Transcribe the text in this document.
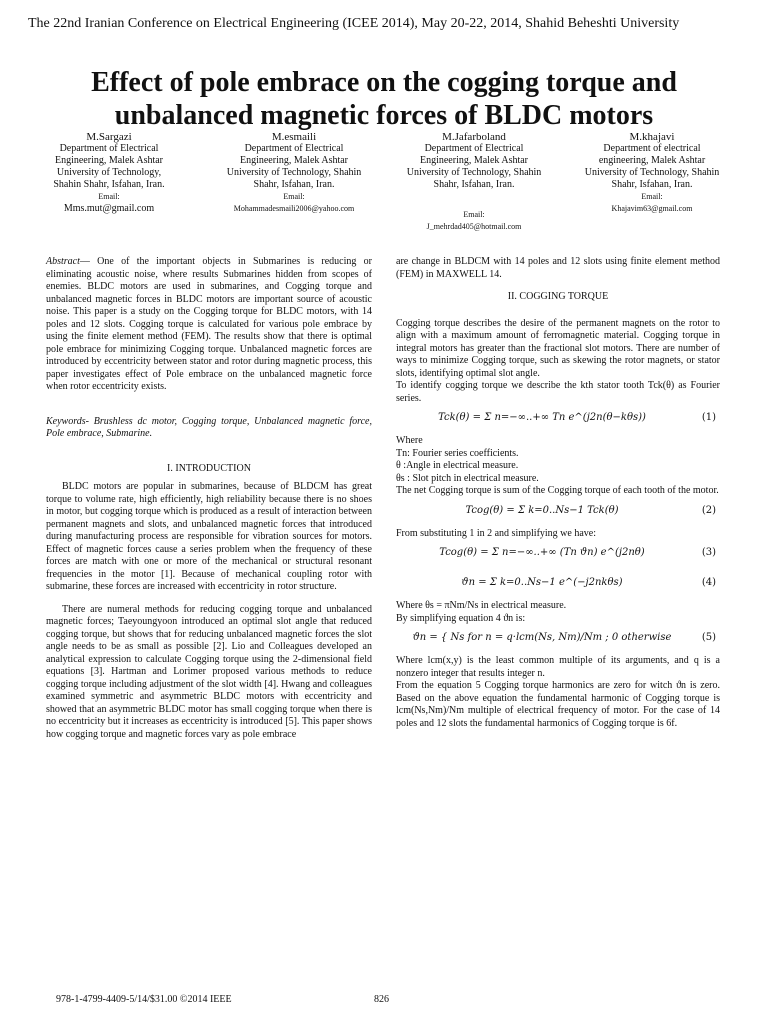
The 22nd Iranian Conference on Electrical Engineering (ICEE 2014), May 20-22, 2014, Shahid Beheshti University
Effect of pole embrace on the cogging torque and
unbalanced magnetic forces of BLDC motors
M.Sargazi
Department of Electrical Engineering, Malek Ashtar University of Technology, Shahin Shahr, Isfahan, Iran.
Email:
Mms.mut@gmail.com
M.esmaili
Department of Electrical Engineering, Malek Ashtar University of Technology, Shahin Shahr, Isfahan, Iran.
Email:
Mohammadesmaili2006@yahoo.com
M.Jafarboland
Department of Electrical Engineering, Malek Ashtar University of Technology, Shahin Shahr, Isfahan, Iran.
Email:
J_mehrdad405@hotmail.com
M.khajavi
Department of electrical engineering, Malek Ashtar University of Technology, Shahin Shahr, Isfahan, Iran.
Email:
Khajavim63@gmail.com

Abstract— One of the important objects in Submarines is reducing or eliminating acoustic noise, where results Submarines hidden from scopes of enemies. BLDC motors are used in submarines, and Cogging torque and unbalanced magnetic forces in BLDC motors are important source of acoustic noise. This paper is a study on the Cogging torque for BLDC motors, with 14 poles and 12 slots. Cogging torque is calculated for various pole embrace by using the finite element method (FEM). The results show that there is optimal pole embrace for minimizing Cogging torque. Unbalanced magnetic forces are introduced by eccentricity between stator and rotor during magnetic process, this paper investigates effect of Pole embrace on the unbalanced magnetic force when rotor eccentricity exists.

Keywords- Brushless dc motor, Cogging torque, Unbalanced magnetic force, Pole embrace, Submarine.

I. INTRODUCTION

BLDC motors are popular in submarines, because of BLDCM has great torque to volume rate, high efficiently, high reliability because there is no shoes in motor, but cogging torque which is produced as a result of interaction between permanent magnets and slots, and unbalanced magnetic forces that introduced during manufacturing process are responsible for vibration sources for motors. Effect of magnetic forces cause a series problem when the frequency of these forces are match with one or more of the mechanical or structural resonant frequencies in the motor [1]. Because of mechanical coupling rotor with submarine, these forces are increased with eccentricity in rotor structure.

There are numeral methods for reducing cogging torque and unbalanced magnetic forces; Taeyoungyoon introduced an optimal slot angle that reduced cogging torque, but shows that for reducing unbalanced magnetic forces the slot angle needs to be as small as possible [2]. Lio and Colleagues developed an analytical expression to calculate Cogging torque using the 2-dimensional field equations [3]. Hartman and Lorimer proposed various methods to reduce cogging torque including adjustment of the slot width [4]. Hwang and colleagues examined symmetric and asymmetric BLDC motors with eccentricity and showed that an asymmetric BLDC motor has small cogging torque when there is no eccentricity but it increases as eccentricity is introduced [5]. This paper shows how cogging torque and magnetic forces vary as pole embrace

are change in BLDCM with 14 poles and 12 slots using finite element method (FEM) in MAXWELL 14.

II. COGGING TORQUE

Cogging torque describes the desire of the permanent magnets on the rotor to align with a maximum amount of ferromagnetic material. Cogging torque in integral motors has greater than the fractional slot motors. There are number of ways to minimize Cogging torque, such as skewing the rotor magnets, or stator slots, identifying optimal slot angle.

To identify cogging torque we describe the kth stator tooth Tck(θ) as Fourier series.

Tck(θ) = Σ n=−∞..+∞ Tn e^(j2n(θ−kθs))	(1)

Where

Tn: Fourier series coefficients.

θ :Angle in electrical measure.

θs : Slot pitch in electrical measure.

The net Cogging torque is sum of the Cogging torque of each tooth of the motor.

Tcog(θ) = Σ k=0..Ns−1 Tck(θ)	(2)

From substituting 1 in 2 and simplifying we have:

Tcog(θ) = Σ n=−∞..+∞ (Tn ϑn) e^(j2nθ)	(3)
ϑn = Σ k=0..Ns−1 e^(−j2nkθs)	(4)

Where θs = πNm/Ns in electrical measure.

By simplifying equation 4 ϑn is:

ϑn = { Ns for n = q·lcm(Ns, Nm)/Nm ; 0 otherwise	(5)

Where lcm(x,y) is the least common multiple of its arguments, and q is a nonzero integer that results integer n.

From the equation 5 Cogging torque harmonics are zero for witch ϑn is zero. Based on the above equation the fundamental harmonic of Cogging torque is lcm(Ns,Nm)/Nm multiple of electrical frequency of motor. For the case of 14 poles and 12 slots the fundamental harmonics of Cogging torque is 6f.

978-1-4799-4409-5/14/$31.00 ©2014 IEEE	826
